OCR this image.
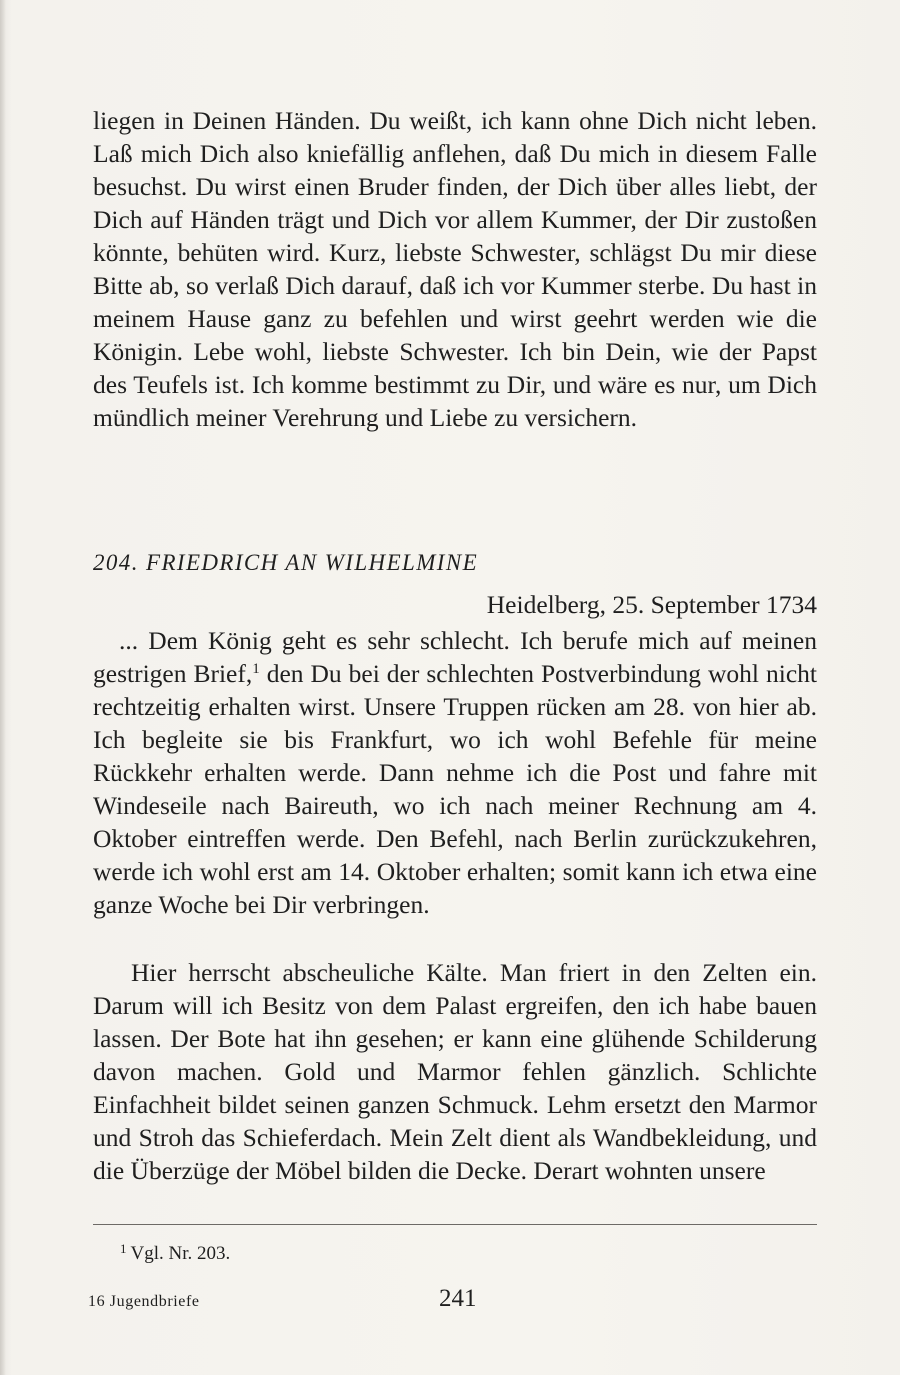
liegen in Deinen Händen. Du weißt, ich kann ohne Dich nicht leben. Laß mich Dich also kniefällig anflehen, daß Du mich in diesem Falle besuchst. Du wirst einen Bruder finden, der Dich über alles liebt, der Dich auf Händen trägt und Dich vor allem Kummer, der Dir zustoßen könnte, behüten wird. Kurz, liebste Schwester, schlägst Du mir diese Bitte ab, so verlaß Dich darauf, daß ich vor Kummer sterbe. Du hast in meinem Hause ganz zu befehlen und wirst geehrt werden wie die Königin. Lebe wohl, liebste Schwester. Ich bin Dein, wie der Papst des Teufels ist. Ich komme bestimmt zu Dir, und wäre es nur, um Dich mündlich meiner Verehrung und Liebe zu versichern.
204. FRIEDRICH AN WILHELMINE
Heidelberg, 25. September 1734
... Dem König geht es sehr schlecht. Ich berufe mich auf meinen gestrigen Brief,$^1$ den Du bei der schlechten Postverbindung wohl nicht rechtzeitig erhalten wirst. Unsere Truppen rücken am 28. von hier ab. Ich begleite sie bis Frankfurt, wo ich wohl Befehle für meine Rückkehr erhalten werde. Dann nehme ich die Post und fahre mit Windeseile nach Baireuth, wo ich nach meiner Rechnung am 4. Oktober eintreffen werde. Den Befehl, nach Berlin zurückzukehren, werde ich wohl erst am 14. Oktober erhalten; somit kann ich etwa eine ganze Woche bei Dir verbringen.
Hier herrscht abscheuliche Kälte. Man friert in den Zelten ein. Darum will ich Besitz von dem Palast ergreifen, den ich habe bauen lassen. Der Bote hat ihn gesehen; er kann eine glühende Schilderung davon machen. Gold und Marmor fehlen gänzlich. Schlichte Einfachheit bildet seinen ganzen Schmuck. Lehm ersetzt den Marmor und Stroh das Schieferdach. Mein Zelt dient als Wandbekleidung, und die Überzüge der Möbel bilden die Decke. Derart wohnten unsere
$^1$ Vgl. Nr. 203.
16 Jugendbriefe	241
